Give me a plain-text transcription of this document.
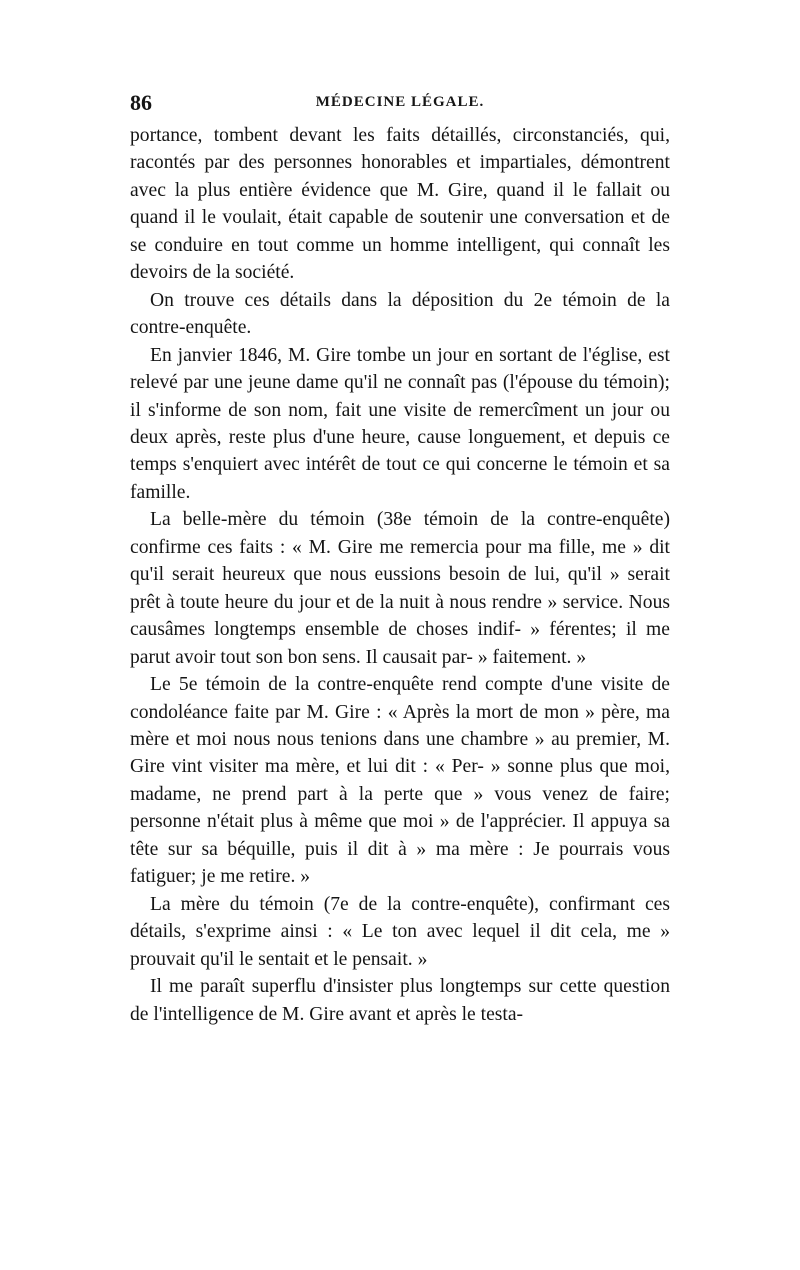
86	MÉDECINE LÉGALE.

portance, tombent devant les faits détaillés, circonstanciés, qui, racontés par des personnes honorables et impartiales, démontrent avec la plus entière évidence que M. Gire, quand il le fallait ou quand il le voulait, était capable de soutenir une conversation et de se conduire en tout comme un homme intelligent, qui connaît les devoirs de la société.

On trouve ces détails dans la déposition du 2e témoin de la contre-enquête.

En janvier 1846, M. Gire tombe un jour en sortant de l'église, est relevé par une jeune dame qu'il ne connaît pas (l'épouse du témoin); il s'informe de son nom, fait une visite de remercîment un jour ou deux après, reste plus d'une heure, cause longuement, et depuis ce temps s'enquiert avec intérêt de tout ce qui concerne le témoin et sa famille.

La belle-mère du témoin (38e témoin de la contre-enquête) confirme ces faits : « M. Gire me remercia pour ma fille, me » dit qu'il serait heureux que nous eussions besoin de lui, qu'il » serait prêt à toute heure du jour et de la nuit à nous rendre » service. Nous causâmes longtemps ensemble de choses indif- » férentes; il me parut avoir tout son bon sens. Il causait par- » faitement. »

Le 5e témoin de la contre-enquête rend compte d'une visite de condoléance faite par M. Gire : « Après la mort de mon » père, ma mère et moi nous nous tenions dans une chambre » au premier, M. Gire vint visiter ma mère, et lui dit : « Per- » sonne plus que moi, madame, ne prend part à la perte que » vous venez de faire; personne n'était plus à même que moi » de l'apprécier. Il appuya sa tête sur sa béquille, puis il dit à » ma mère : Je pourrais vous fatiguer; je me retire. »

La mère du témoin (7e de la contre-enquête), confirmant ces détails, s'exprime ainsi : « Le ton avec lequel il dit cela, me » prouvait qu'il le sentait et le pensait. »

Il me paraît superflu d'insister plus longtemps sur cette question de l'intelligence de M. Gire avant et après le testa-
